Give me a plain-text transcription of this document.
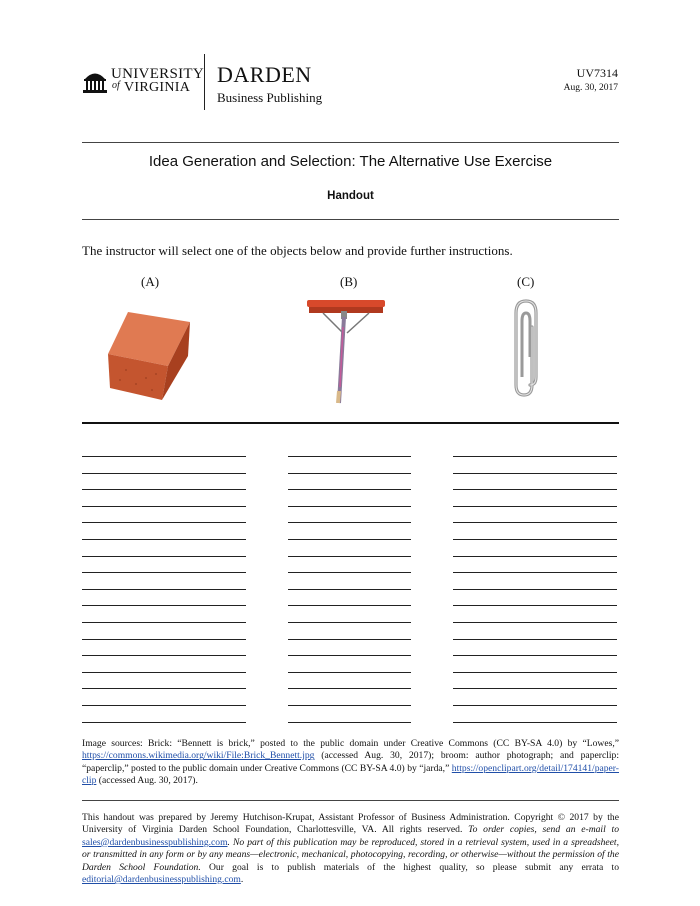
UNIVERSITY
of VIRGINIA
DARDEN
Business Publishing
UV7314
Aug. 30, 2017
Idea Generation and Selection: The Alternative Use Exercise
Handout
The instructor will select one of the objects below and provide further instructions.
(A)	(B)	(C)
Image sources: Brick: “Bennett is brick,” posted to the public domain under Creative Commons (CC BY-SA 4.0) by “Lowes,” https://commons.wikimedia.org/wiki/File:Brick_Bennett.jpg (accessed Aug. 30, 2017); broom: author photograph; and paperclip: “paperclip,” posted to the public domain under Creative Commons (CC BY-SA 4.0) by “jarda,” https://openclipart.org/detail/174141/paper-clip (accessed Aug. 30, 2017).
This handout was prepared by Jeremy Hutchison-Krupat, Assistant Professor of Business Administration. Copyright © 2017 by the University of Virginia Darden School Foundation, Charlottesville, VA. All rights reserved. To order copies, send an e-mail to sales@dardenbusinesspublishing.com. No part of this publication may be reproduced, stored in a retrieval system, used in a spreadsheet, or transmitted in any form or by any means—electronic, mechanical, photocopying, recording, or otherwise—without the permission of the Darden School Foundation. Our goal is to publish materials of the highest quality, so please submit any errata to editorial@dardenbusinesspublishing.com.
